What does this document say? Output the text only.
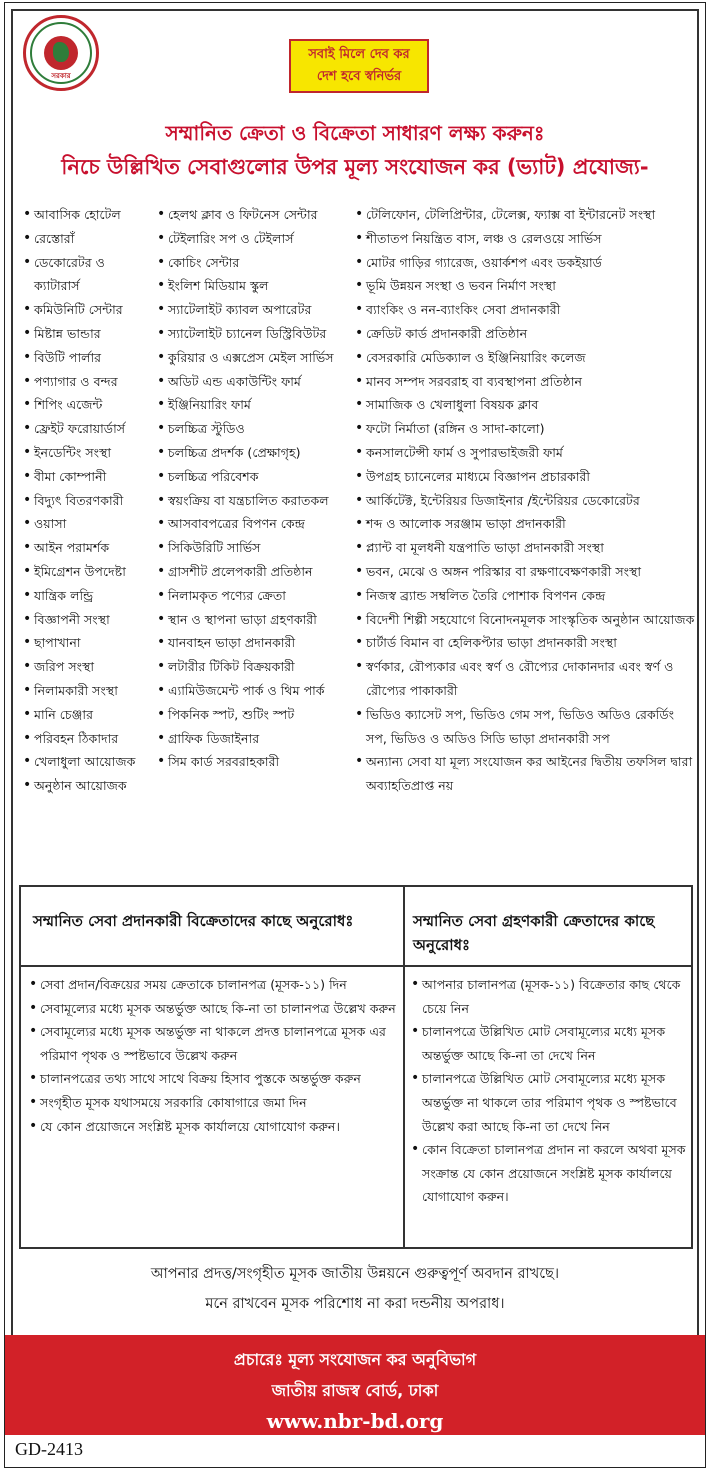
সরকার
সবাই মিলে দেব কর
দেশ হবে স্বনির্ভর
সম্মানিত ক্রেতা ও বিক্রেতা সাধারণ লক্ষ্য করুনঃ
নিচে উল্লিখিত সেবাগুলোর উপর মূল্য সংযোজন কর (ভ্যাট) প্রযোজ্য-
• আবাসিক হোটেল
• রেস্তোরাঁ
• ডেকোরেটর ও ক্যাটারার্স
• কমিউনিটি সেন্টার
• মিষ্টান্ন ভান্ডার
• বিউটি পার্লার
• পণ্যাগার ও বন্দর
• শিপিং এজেন্ট
• ফ্রেইট ফরোয়ার্ডার্স
• ইনডেন্টিং সংস্থা
• বীমা কোম্পানী
• বিদ্যুৎ বিতরণকারী
• ওয়াসা
• আইন পরামর্শক
• ইমিগ্রেশন উপদেষ্টা
• যান্ত্রিক লন্ড্রি
• বিজ্ঞাপনী সংস্থা
• ছাপাখানা
• জরিপ সংস্থা
• নিলামকারী সংস্থা
• মানি চেঞ্জার
• পরিবহন ঠিকাদার
• খেলাধুলা আয়োজক
• অনুষ্ঠান আয়োজক
• হেলথ ক্লাব ও ফিটনেস সেন্টার
• টেইলারিং সপ ও টেইলার্স
• কোচিং সেন্টার
• ইংলিশ মিডিয়াম স্কুল
• স্যাটেলাইট ক্যাবল অপারেটর
• স্যাটেলাইট চ্যানেল ডিস্ট্রিবিউটর
• কুরিয়ার ও এক্সপ্রেস মেইল সার্ভিস
• অডিট এন্ড একাউন্টিং ফার্ম
• ইঞ্জিনিয়ারিং ফার্ম
• চলচ্চিত্র স্টুডিও
• চলচ্চিত্র প্রদর্শক (প্রেক্ষাগৃহ)
• চলচ্চিত্র পরিবেশক
• স্বয়ংক্রিয় বা যন্ত্রচালিত করাতকল
• আসবাবপত্রের বিপণন কেন্দ্র
• সিকিউরিটি সার্ভিস
• গ্রাসশীট প্রলেপকারী প্রতিষ্ঠান
• নিলামকৃত পণ্যের ক্রেতা
• স্থান ও স্থাপনা ভাড়া গ্রহণকারী
• যানবাহন ভাড়া প্রদানকারী
• লটারীর টিকিট বিক্রয়কারী
• এ্যামিউজমেন্ট পার্ক ও থিম পার্ক
• পিকনিক স্পট, শুটিং স্পট
• গ্রাফিক ডিজাইনার
• সিম কার্ড সরবরাহকারী
• টেলিফোন, টেলিপ্রিন্টার, টেলেক্স, ফ্যাক্স বা ইন্টারনেট সংস্থা
• শীতাতপ নিয়ন্ত্রিত বাস, লঞ্চ ও রেলওয়ে সার্ভিস
• মোটর গাড়ির গ্যারেজ, ওয়ার্কশপ এবং ডকইয়ার্ড
• ভূমি উন্নয়ন সংস্থা ও ভবন নির্মাণ সংস্থা
• ব্যাংকিং ও নন-ব্যাংকিং সেবা প্রদানকারী
• ক্রেডিট কার্ড প্রদানকারী প্রতিষ্ঠান
• বেসরকারি মেডিক্যাল ও ইঞ্জিনিয়ারিং কলেজ
• মানব সম্পদ সরবরাহ বা ব্যবস্থাপনা প্রতিষ্ঠান
• সামাজিক ও খেলাধুলা বিষয়ক ক্লাব
• ফটো নির্মাতা (রঙ্গিন ও সাদা-কালো)
• কনসালটেন্সী ফার্ম ও সুপারভাইজরী ফার্ম
• উপগ্রহ চ্যানেলের মাধ্যমে বিজ্ঞাপন প্রচারকারী
• আর্কিটেক্ট, ইন্টেরিয়র ডিজাইনার /ইন্টেরিয়র ডেকোরেটর
• শব্দ ও আলোক সরঞ্জাম ভাড়া প্রদানকারী
• প্ল্যান্ট বা মূলধনী যন্ত্রপাতি ভাড়া প্রদানকারী সংস্থা
• ভবন, মেঝে ও অঙ্গন পরিস্কার বা রক্ষণাবেক্ষণকারী সংস্থা
• নিজস্ব ব্র্যান্ড সম্বলিত তৈরি পোশাক বিপণন কেন্দ্র
• বিদেশী শিল্পী সহযোগে বিনোদনমূলক সাংস্কৃতিক অনুষ্ঠান আয়োজক
• চার্টার্ড বিমান বা হেলিকপ্টার ভাড়া প্রদানকারী সংস্থা
• স্বর্ণকার, রৌপ্যকার এবং স্বর্ণ ও রৌপ্যের দোকানদার এবং স্বর্ণ ও রৌপ্যের পাকাকারী
• ভিডিও ক্যাসেট সপ, ভিডিও গেম সপ, ভিডিও অডিও রেকর্ডিং সপ, ভিডিও ও অডিও সিডি ভাড়া প্রদানকারী সপ
• অন্যান্য সেবা যা মূল্য সংযোজন কর আইনের দ্বিতীয় তফসিল দ্বারা অব্যাহতিপ্রাপ্ত নয়
সম্মানিত সেবা প্রদানকারী বিক্রেতাদের কাছে অনুরোধঃ	সম্মানিত সেবা গ্রহণকারী ক্রেতাদের কাছে অনুরোধঃ
• সেবা প্রদান/বিক্রয়ের সময় ক্রেতাকে চালানপত্র (মূসক-১১) দিন
• সেবামূল্যের মধ্যে মূসক অন্তর্ভুক্ত আছে কি-না তা চালানপত্র উল্লেখ করুন
• সেবামূল্যের মধ্যে মূসক অন্তর্ভুক্ত না থাকলে প্রদত্ত চালানপত্রে মূসক এর পরিমাণ পৃথক ও স্পষ্টভাবে উল্লেখ করুন
• চালানপত্রের তথ্য সাথে সাথে বিক্রয় হিসাব পুস্তকে অন্তর্ভুক্ত করুন
• সংগৃহীত মূসক যথাসময়ে সরকারি কোষাগারে জমা দিন
• যে কোন প্রয়োজনে সংশ্লিষ্ট মূসক কার্যালয়ে যোগাযোগ করুন।
• আপনার চালানপত্র (মূসক-১১) বিক্রেতার কাছ থেকে চেয়ে নিন
• চালানপত্রে উল্লিখিত মোট সেবামূল্যের মধ্যে মূসক অন্তর্ভুক্ত আছে কি-না তা দেখে নিন
• চালানপত্রে উল্লিখিত মোট সেবামূল্যের মধ্যে মূসক অন্তর্ভুক্ত না থাকলে তার পরিমাণ পৃথক ও স্পষ্টভাবে উল্লেখ করা আছে কি-না তা দেখে নিন
• কোন বিক্রেতা চালানপত্র প্রদান না করলে অথবা মূসক সংক্রান্ত যে কোন প্রয়োজনে সংশ্লিষ্ট মূসক কার্যালয়ে যোগাযোগ করুন।
আপনার প্রদত্ত/সংগৃহীত মূসক জাতীয় উন্নয়নে গুরুত্বপূর্ণ অবদান রাখছে।
মনে রাখবেন মূসক পরিশোধ না করা দন্ডনীয় অপরাধ।
প্রচারেঃ মূল্য সংযোজন কর অনুবিভাগ
জাতীয় রাজস্ব বোর্ড, ঢাকা
www.nbr-bd.org
GD-2413
